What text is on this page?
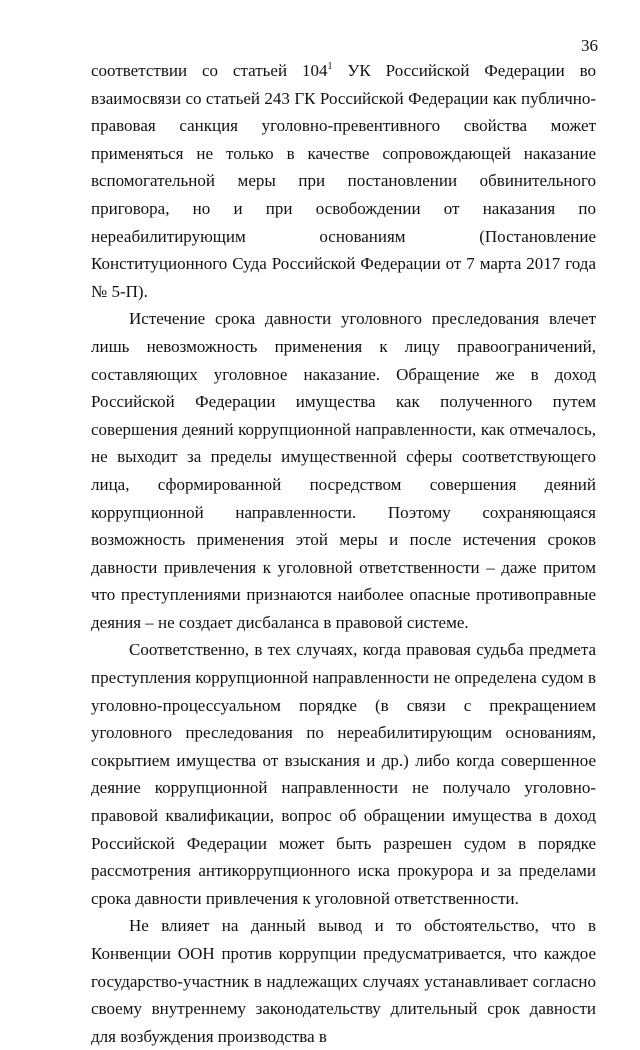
36

соответствии со статьей $104^1$ УК Российской Федерации во взаимосвязи со статьей 243 ГК Российской Федерации как публично-правовая санкция уголовно-превентивного свойства может применяться не только в качестве сопровождающей наказание вспомогательной меры при постановлении обвинительного приговора, но и при освобождении от наказания по нереабилитирующим основаниям (Постановление Конституционного Суда Российской Федерации от 7 марта 2017 года № 5-П).

Истечение срока давности уголовного преследования влечет лишь невозможность применения к лицу правоограничений, составляющих уголовное наказание. Обращение же в доход Российской Федерации имущества как полученного путем совершения деяний коррупционной направленности, как отмечалось, не выходит за пределы имущественной сферы соответствующего лица, сформированной посредством совершения деяний коррупционной направленности. Поэтому сохраняющаяся возможность применения этой меры и после истечения сроков давности привлечения к уголовной ответственности – даже притом что преступлениями признаются наиболее опасные противоправные деяния – не создает дисбаланса в правовой системе.

Соответственно, в тех случаях, когда правовая судьба предмета преступления коррупционной направленности не определена судом в уголовно-процессуальном порядке (в связи с прекращением уголовного преследования по нереабилитирующим основаниям, сокрытием имущества от взыскания и др.) либо когда совершенное деяние коррупционной направленности не получало уголовно-правовой квалификации, вопрос об обращении имущества в доход Российской Федерации может быть разрешен судом в порядке рассмотрения антикоррупционного иска прокурора и за пределами срока давности привлечения к уголовной ответственности.

Не влияет на данный вывод и то обстоятельство, что в Конвенции ООН против коррупции предусматривается, что каждое государство-участник в надлежащих случаях устанавливает согласно своему внутреннему законодательству длительный срок давности для возбуждения производства в
